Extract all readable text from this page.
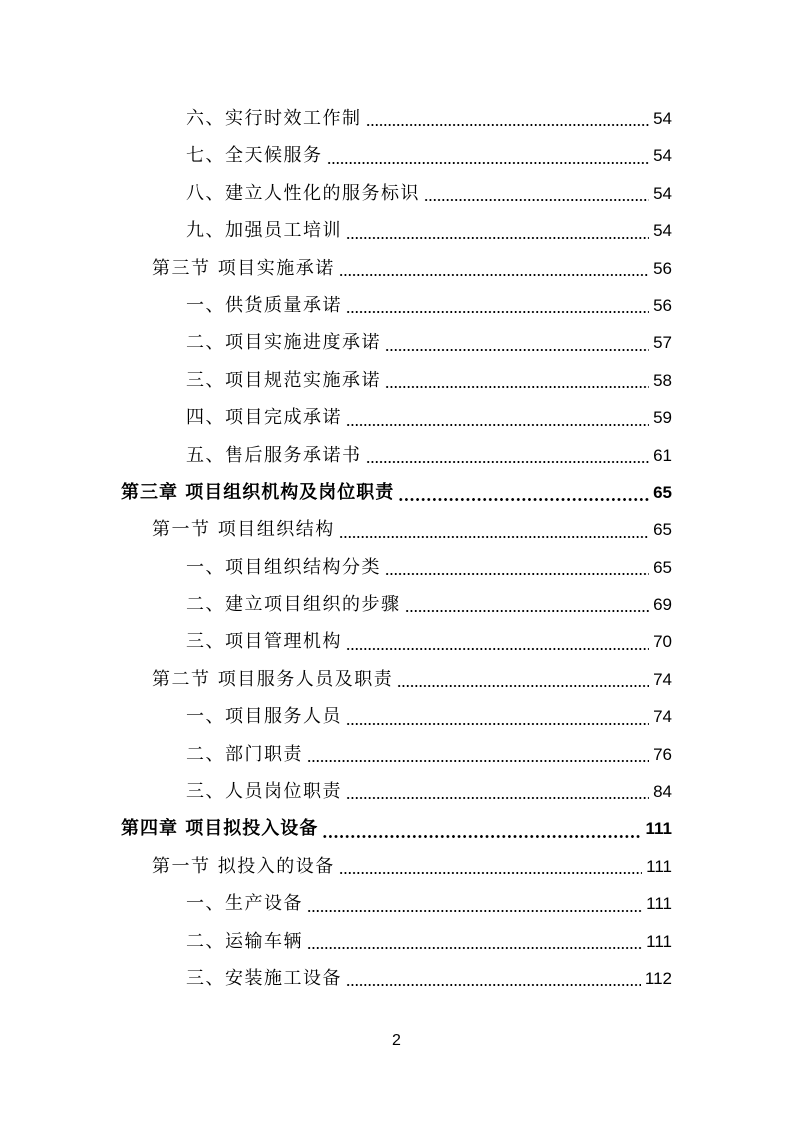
六、实行时效工作制	54
七、全天候服务	54
八、建立人性化的服务标识	54
九、加强员工培训	54
第三节 项目实施承诺	56
一、供货质量承诺	56
二、项目实施进度承诺	57
三、项目规范实施承诺	58
四、项目完成承诺	59
五、售后服务承诺书	61
第三章 项目组织机构及岗位职责	65
第一节 项目组织结构	65
一、项目组织结构分类	65
二、建立项目组织的步骤	69
三、项目管理机构	70
第二节 项目服务人员及职责	74
一、项目服务人员	74
二、部门职责	76
三、人员岗位职责	84
第四章 项目拟投入设备	111
第一节 拟投入的设备	111
一、生产设备	111
二、运输车辆	111
三、安装施工设备	112
2
